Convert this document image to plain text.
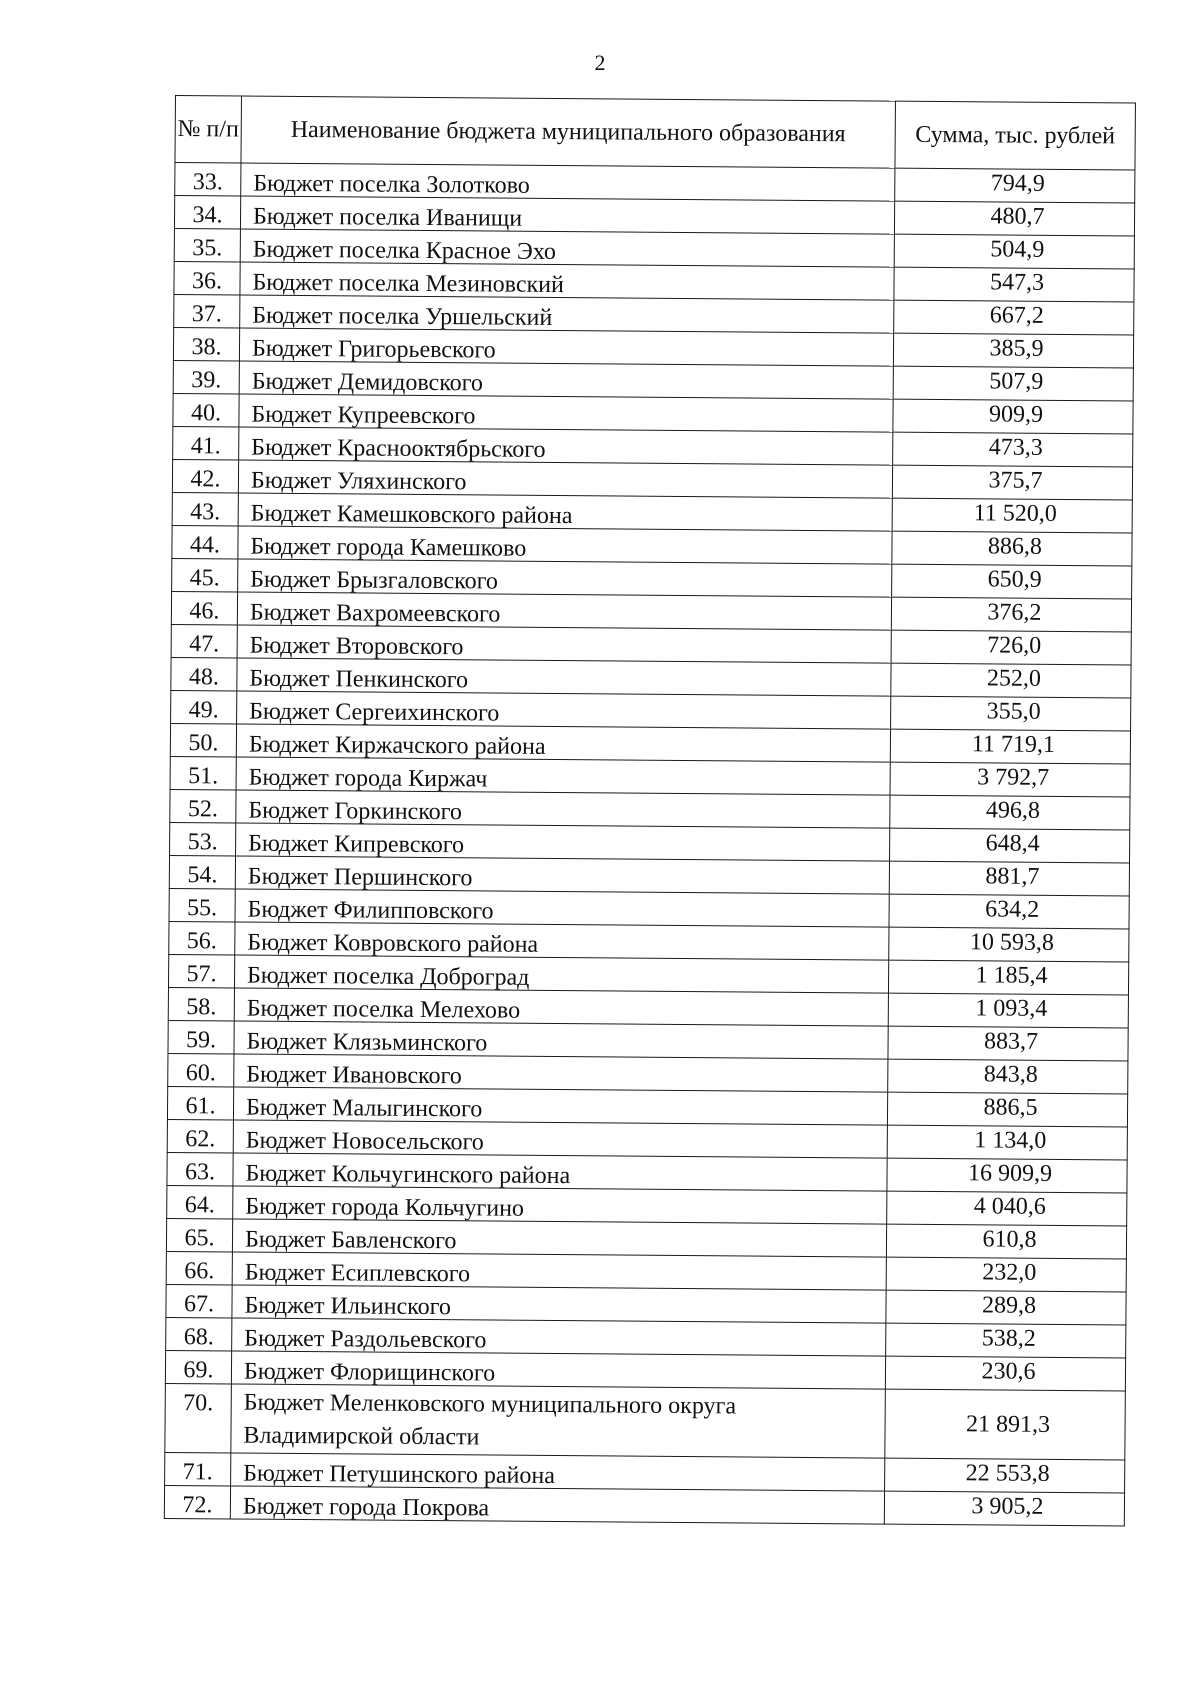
2
№ п/п	Наименование бюджета муниципального образования	Сумма, тыс. рублей
33.	Бюджет поселка Золотково	794,9
34.	Бюджет поселка Иванищи	480,7
35.	Бюджет поселка Красное Эхо	504,9
36.	Бюджет поселка Мезиновский	547,3
37.	Бюджет поселка Уршельский	667,2
38.	Бюджет Григорьевского	385,9
39.	Бюджет Демидовского	507,9
40.	Бюджет Купреевского	909,9
41.	Бюджет Краснооктябрьского	473,3
42.	Бюджет Уляхинского	375,7
43.	Бюджет Камешковского района	11 520,0
44.	Бюджет города Камешково	886,8
45.	Бюджет Брызгаловского	650,9
46.	Бюджет Вахромеевского	376,2
47.	Бюджет Второвского	726,0
48.	Бюджет Пенкинского	252,0
49.	Бюджет Сергеихинского	355,0
50.	Бюджет Киржачского района	11 719,1
51.	Бюджет города Киржач	3 792,7
52.	Бюджет Горкинского	496,8
53.	Бюджет Кипревского	648,4
54.	Бюджет Першинского	881,7
55.	Бюджет Филипповского	634,2
56.	Бюджет Ковровского района	10 593,8
57.	Бюджет поселка Доброград	1 185,4
58.	Бюджет поселка Мелехово	1 093,4
59.	Бюджет Клязьминского	883,7
60.	Бюджет Ивановского	843,8
61.	Бюджет Малыгинского	886,5
62.	Бюджет Новосельского	1 134,0
63.	Бюджет Кольчугинского района	16 909,9
64.	Бюджет города Кольчугино	4 040,6
65.	Бюджет Бавленского	610,8
66.	Бюджет Есиплевского	232,0
67.	Бюджет Ильинского	289,8
68.	Бюджет Раздольевского	538,2
69.	Бюджет Флорищинского	230,6
70.	Бюджет Меленковского муниципального округа Владимирской области	21 891,3
71.	Бюджет Петушинского района	22 553,8
72.	Бюджет города Покрова	3 905,2
